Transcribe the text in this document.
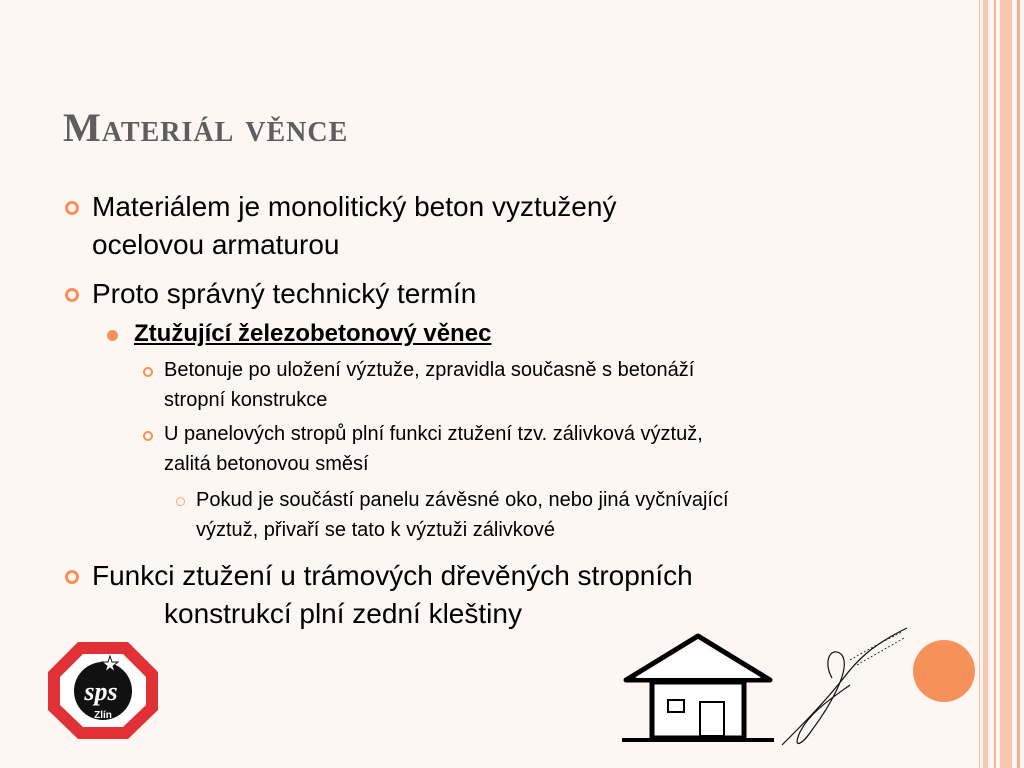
Materiál věnce
Materiálem je monolitický beton vyztužený
ocelovou armaturou
Proto správný technický termín
Ztužující železobetonový věnec
Betonuje po uložení výztuže, zpravidla současně s betonáží
stropní konstrukce
U panelových stropů plní funkci ztužení tzv. zálivková výztuž,
zalitá betonovou směsí
Pokud je součástí panelu závěsné oko, nebo jiná vyčnívající
výztuž, přivaří se tato k výztuži zálivkové
Funkci ztužení u trámových dřevěných stropních
konstrukcí plní zední kleštiny
sps
Zlín
